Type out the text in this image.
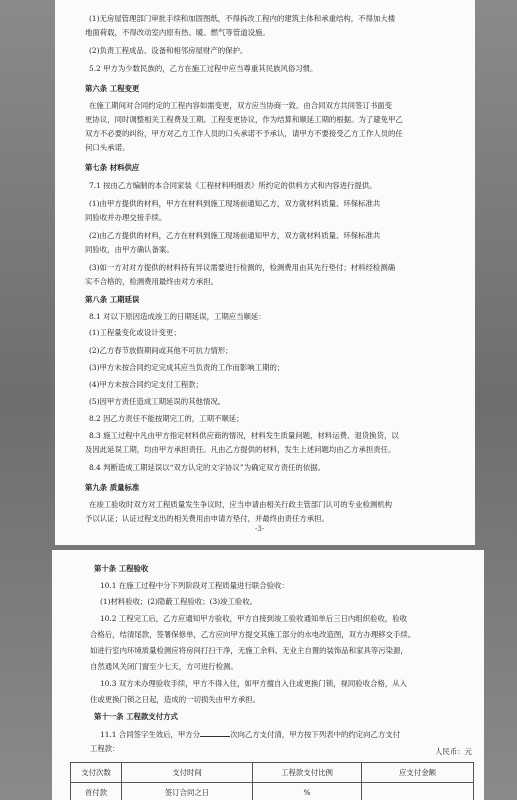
(1)无房屋管理部门审批手续和加固图纸，不得拆改工程内的建筑主体和承重结构，不得加大楼

地面荷载，不得改动室内原有热、暖、燃气等管道设施。

(2)负责工程成品、设备和相邻房屋财产的保护。

5.2 甲方为少数民族的，乙方在施工过程中应当尊重其民族风俗习惯。

第六条 工程变更

在施工期间对合同约定的工程内容如需变更，双方应当协商一致。由合同双方共同签订书面变

更协议，同时调整相关工程费及工期。工程变更协议，作为结算和顺延工期的根据。为了避免甲乙

双方不必要的纠纷，甲方对乙方工作人员的口头承诺不予承认，请甲方不要接受乙方工作人员的任

何口头承诺。

第七条 材料供应

7.1 按由乙方编制的本合同家装《工程材料明细表》所约定的供料方式和内容进行提供。

(1)由甲方提供的材料，甲方在材料到施工现场前通知乙方，双方就材料质量、环保标准共

同验收并办理交接手续。

(2)由乙方提供的材料，乙方在材料到施工现场前通知甲方，双方就材料质量、环保标准共

同验收，由甲方确认备案。

(3)如一方对对方提供的材料持有异议需要进行检测的，检测费用由其先行垫付；材料经检测确

实不合格的，检测费用最终由对方承担。

第八条 工期延误

8.1 对以下原因造成竣工的日期延误，工期应当顺延：

(1)工程量变化或设计变更；

(2)乙方春节放假期间或其他不可抗力情形；

(3)甲方未按合同约定完成其应当负责的工作而影响工期的；

(4)甲方未按合同约定支付工程款；

(5)因甲方责任造成工期延误的其他情况。

8.2 因乙方责任不能按期完工的，工期不顺延；

8.3 施工过程中凡由甲方指定材料供应商的情况，材料发生质量问题，材料运费、退货换货，以

及因此延误工期，均由甲方承担责任。凡由乙方提供的材料，发生上述问题均由乙方承担责任。

8.4 判断造成工期延误以“双方认定的文字协议”为确定双方责任的依据。

第九条 质量标准

在竣工验收时双方对工程质量发生争议时，应当申请由相关行政主管部门认可的专业检测机构

予以认证；认证过程支出的相关费用由申请方垫付，并最终由责任方承担。

-3-

第十条 工程验收

10.1 在施工过程中分下列阶段对工程质量进行联合验收：

(1)材料验收；(2)隐蔽工程验收；(3)竣工验收。

10.2 工程完工后，乙方应通知甲方验收，甲方自接到竣工验收通知单后三日内组织验收，验收

合格后，结清尾款，签署保修单，乙方应向甲方提交其施工部分的水电改造图，双方办理移交手续。

如进行室内环境质量检测应将房间打扫干净，无施工余料、无业主自置的装饰品和家具等污染源，

自然通风关闭门窗至少七天，方可进行检测。

10.3 双方未办理验收手续，甲方不得入住，如甲方擅自入住或更换门锁，视同验收合格，从入

住或更换门锁之日起，造成的一切损失由甲方承担。

第十一条 工程款支付方式

11.1 合同签字生效后，甲方分	次向乙方支付清，甲方按下列表中的约定向乙方支付

工程款：	人民币：元
支付次数	支付时间	工程款支付比例	应支付金额
首付款	签订合同之日	%	
